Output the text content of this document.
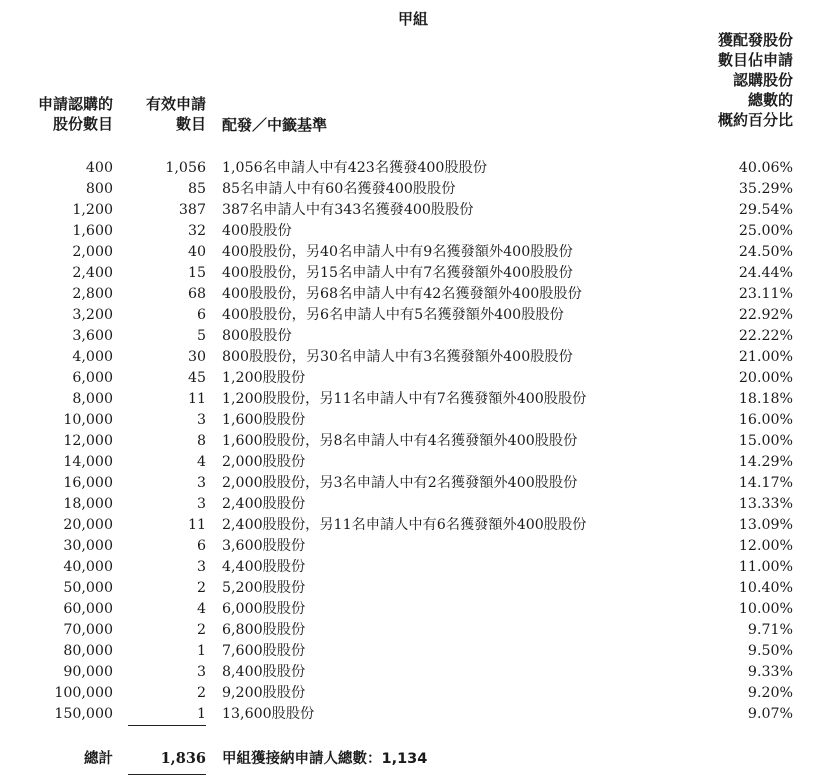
甲組
申請認購的
股份數目
有效申請
數目 配發／中籤基準
獲配發股份
數目佔申請
認購股份
總數的
概約百分比
400	1,056 1,056名申請人中有423名獲發400股股份	40.06%
800	85 85名申請人中有60名獲發400股股份	35.29%
1,200	387 387名申請人中有343名獲發400股股份	29.54%
1,600	32 400股股份	25.00%
2,000	40 400股股份，另40名申請人中有9名獲發額外400股股份	24.50%
2,400	15 400股股份，另15名申請人中有7名獲發額外400股股份	24.44%
2,800	68 400股股份，另68名申請人中有42名獲發額外400股股份	23.11%
3,200	6 400股股份，另6名申請人中有5名獲發額外400股股份	22.92%
3,600	5 800股股份	22.22%
4,000	30 800股股份，另30名申請人中有3名獲發額外400股股份	21.00%
6,000	45 1,200股股份	20.00%
8,000	11 1,200股股份，另11名申請人中有7名獲發額外400股股份	18.18%
10,000	3 1,600股股份	16.00%
12,000	8 1,600股股份，另8名申請人中有4名獲發額外400股股份	15.00%
14,000	4 2,000股股份	14.29%
16,000	3 2,000股股份，另3名申請人中有2名獲發額外400股股份	14.17%
18,000	3 2,400股股份	13.33%
20,000	11 2,400股股份，另11名申請人中有6名獲發額外400股股份	13.09%
30,000	6 3,600股股份	12.00%
40,000	3 4,400股股份	11.00%
50,000	2 5,200股股份	10.40%
60,000	4 6,000股股份	10.00%
70,000	2 6,800股股份	9.71%
80,000	1 7,600股股份	9.50%
90,000	3 8,400股股份	9.33%
100,000	2 9,200股股份	9.20%
150,000	1 13,600股股份	9.07%
總計	1,836 甲組獲接納申請人總數：1,134
